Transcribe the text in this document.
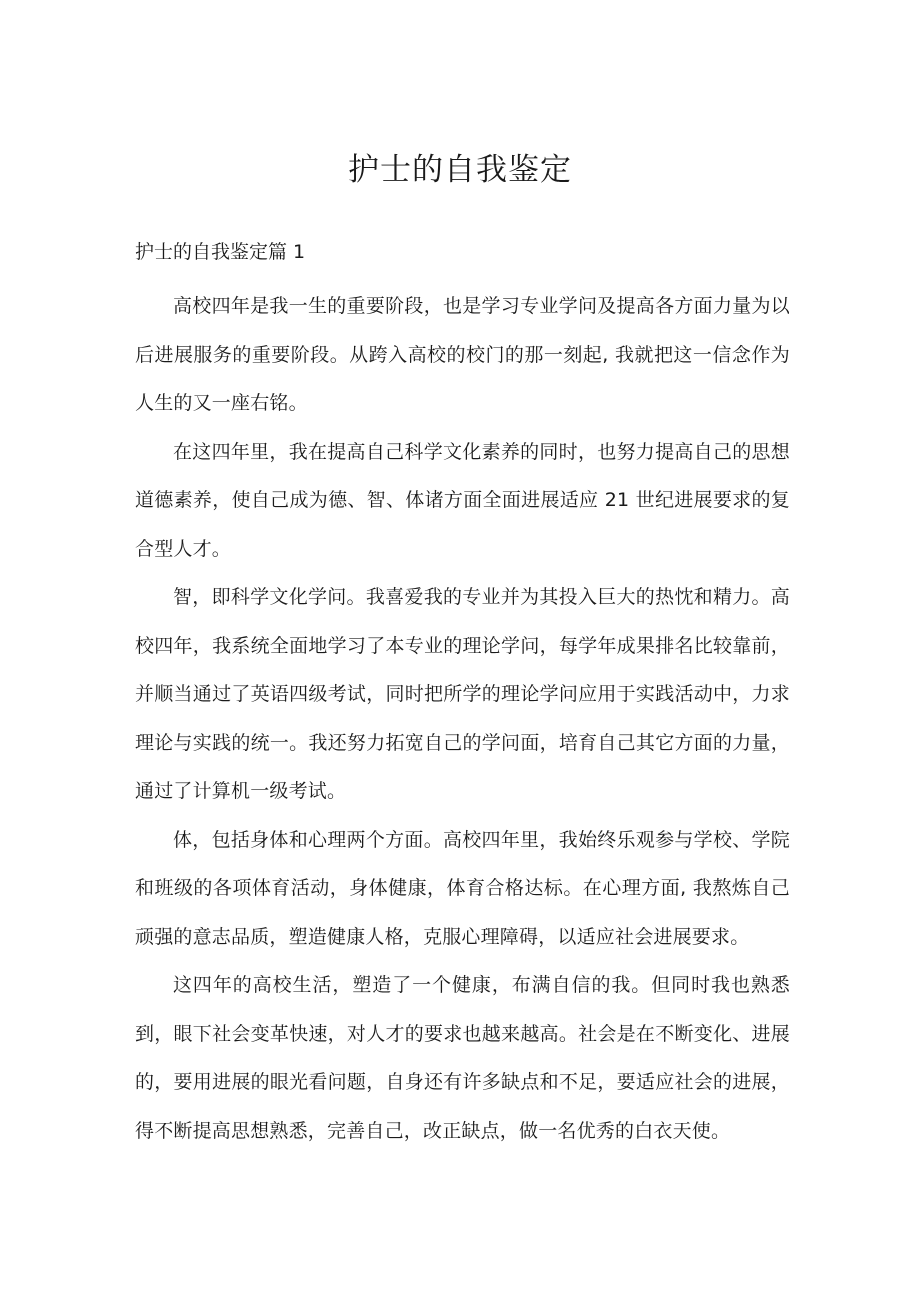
护士的自我鉴定

护士的自我鉴定篇 1

高校四年是我一生的重要阶段，也是学习专业学问及提高各方面力量为以后进展服务的重要阶段。从跨入高校的校门的那一刻起, 我就把这一信念作为人生的又一座右铭。

在这四年里，我在提高自己科学文化素养的同时，也努力提高自己的思想道德素养，使自己成为德、智、体诸方面全面进展适应 21 世纪进展要求的复合型人才。

智，即科学文化学问。我喜爱我的专业并为其投入巨大的热忱和精力。高校四年，我系统全面地学习了本专业的理论学问，每学年成果排名比较靠前，并顺当通过了英语四级考试，同时把所学的理论学问应用于实践活动中，力求理论与实践的统一。我还努力拓宽自己的学问面，培育自己其它方面的力量，通过了计算机一级考试。

体，包括身体和心理两个方面。高校四年里，我始终乐观参与学校、学院和班级的各项体育活动，身体健康，体育合格达标。在心理方面, 我熬炼自己顽强的意志品质，塑造健康人格，克服心理障碍，以适应社会进展要求。

这四年的高校生活，塑造了一个健康，布满自信的我。但同时我也熟悉到，眼下社会变革快速，对人才的要求也越来越高。社会是在不断变化、进展的，要用进展的眼光看问题，自身还有许多缺点和不足，要适应社会的进展，得不断提高思想熟悉，完善自己，改正缺点，做一名优秀的白衣天使。
